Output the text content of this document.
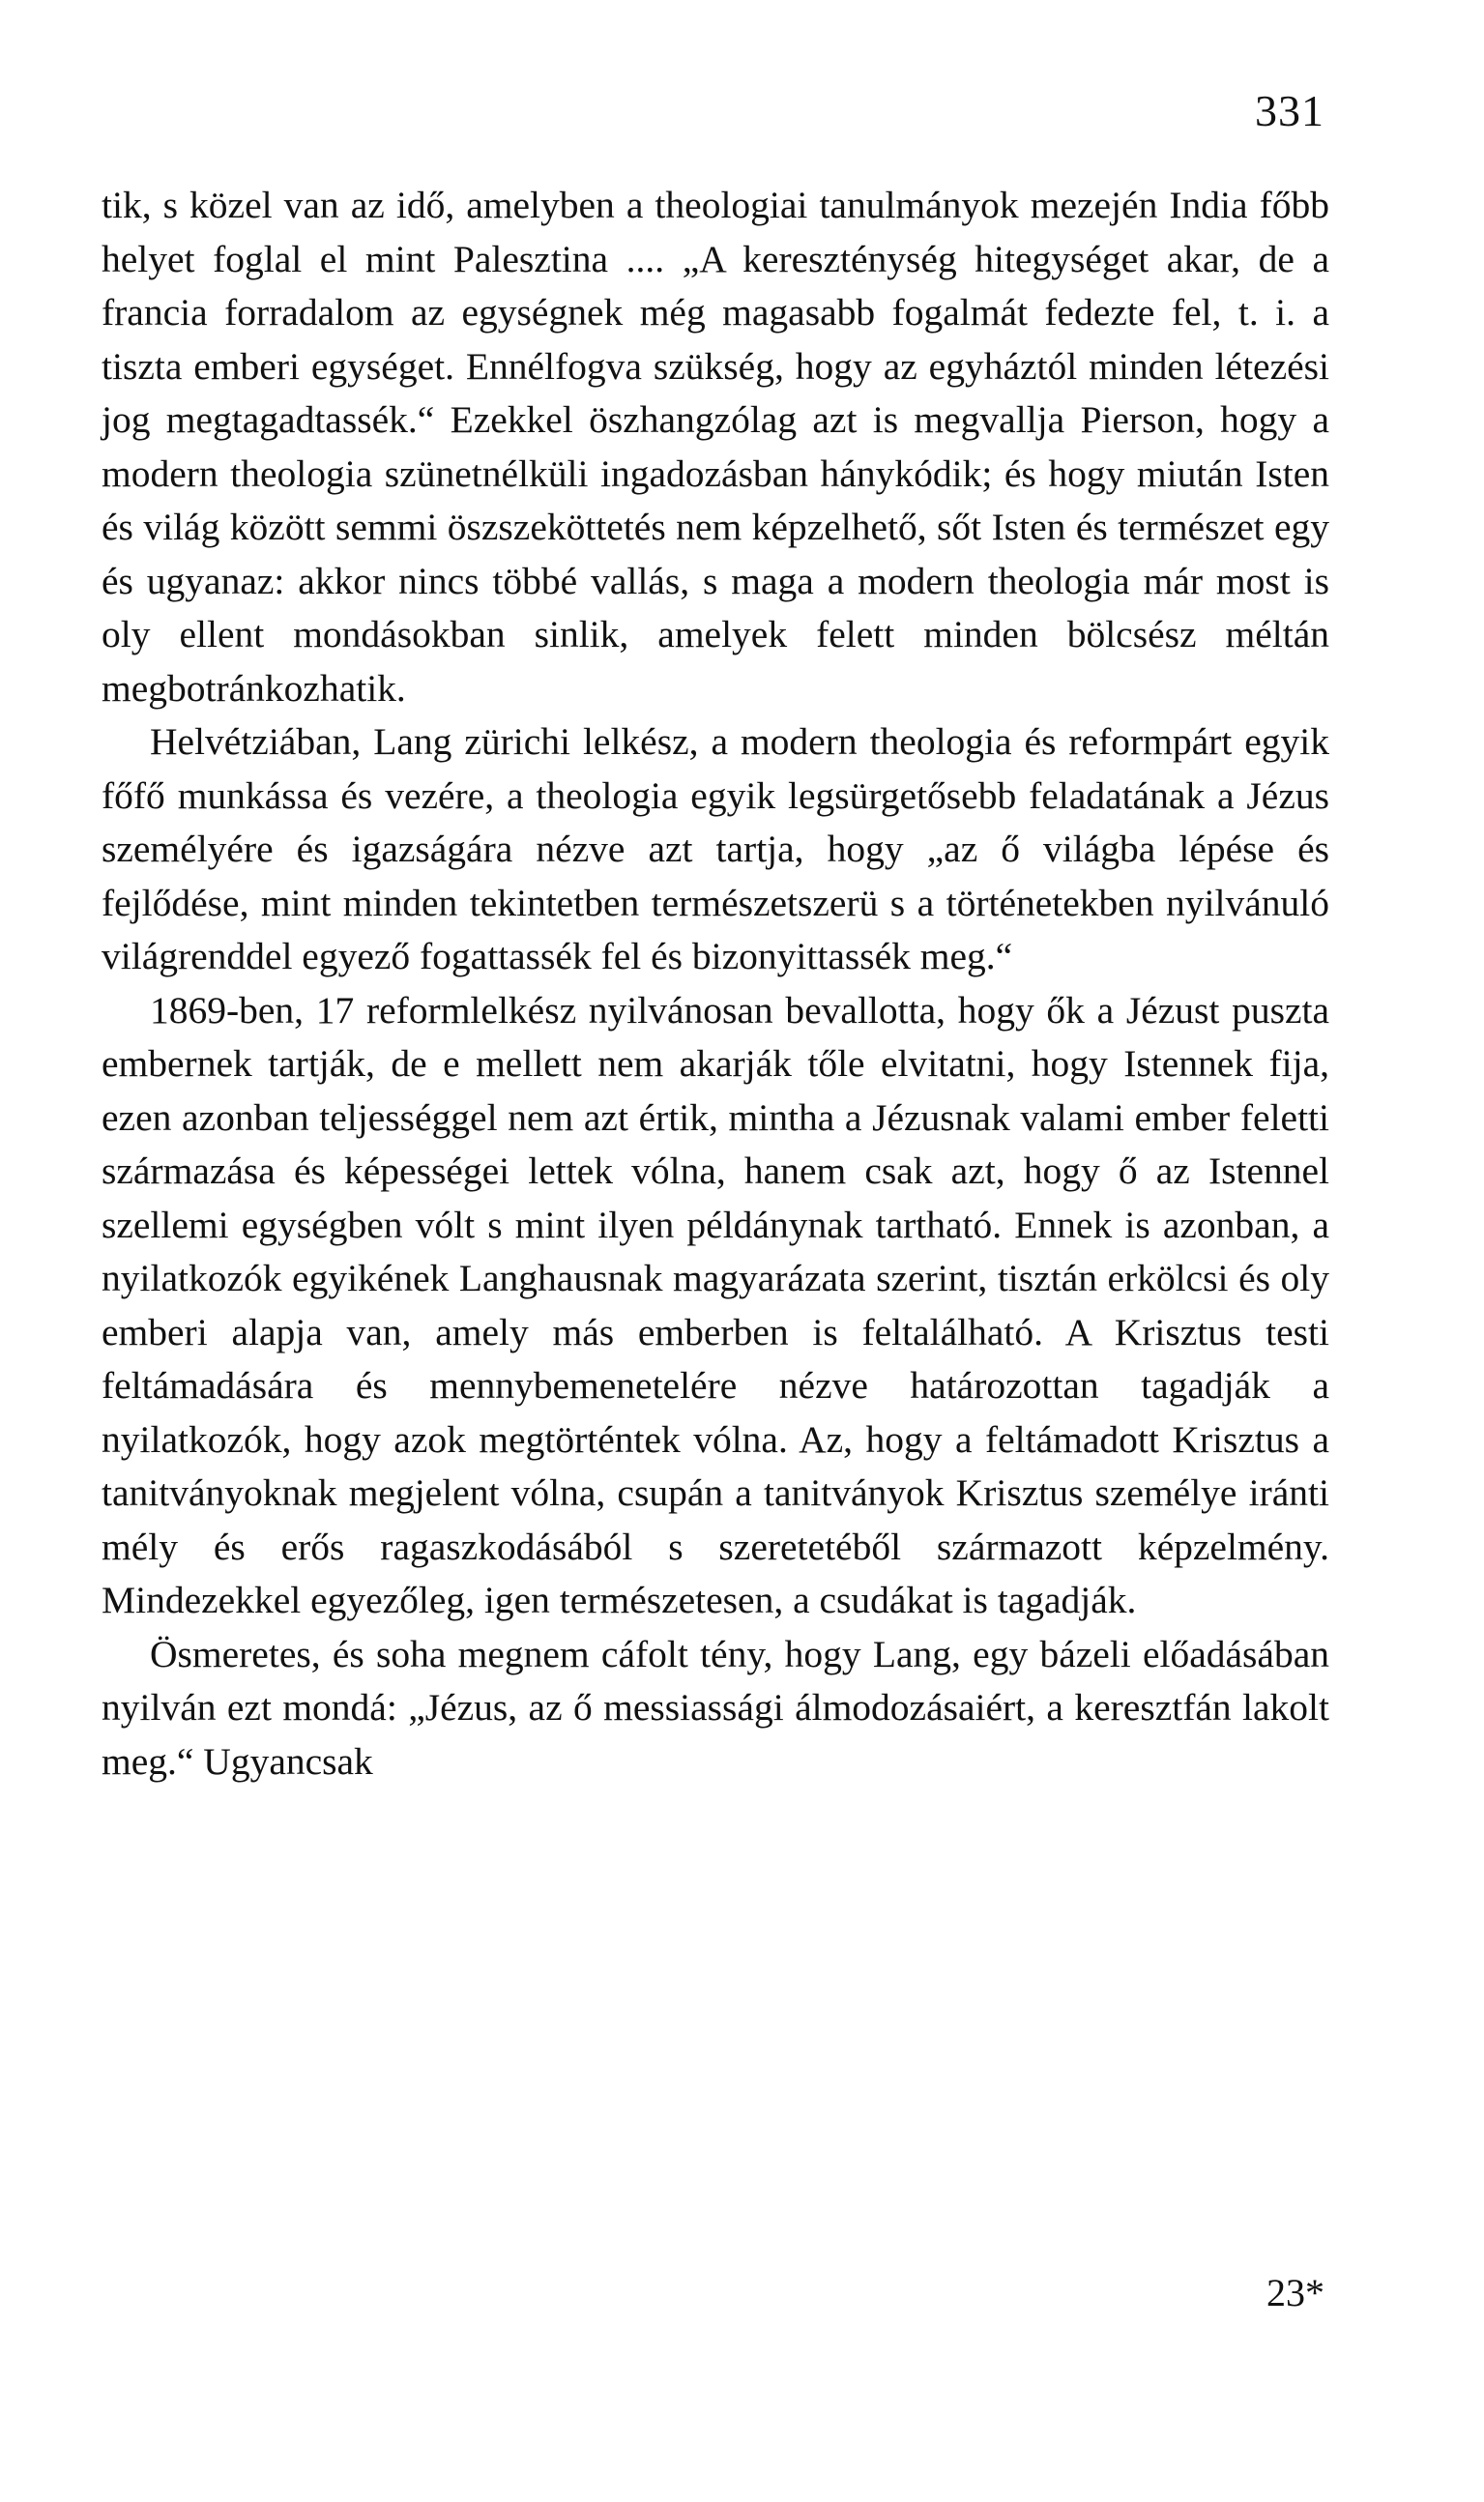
331

tik, s közel van az idő, amelyben a theologiai tanulmányok mezején India főbb helyet foglal el mint Palesztina .... „A kereszténység hitegységet akar, de a francia forradalom az egységnek még magasabb fogalmát fedezte fel, t. i. a tiszta emberi egységet. Ennélfogva szükség, hogy az egyháztól minden létezési jog megtagadtassék.“ Ezekkel öszhangzólag azt is megvallja Pierson, hogy a modern theologia szünetnélküli ingadozásban hánykódik; és hogy miután Isten és világ között semmi öszszeköttetés nem képzelhető, sőt Isten és természet egy és ugyanaz: akkor nincs többé vallás, s maga a modern theologia már most is oly ellent mondásokban sinlik, amelyek felett minden bölcsész méltán megbotránkozhatik.

Helvétziában, Lang zürichi lelkész, a modern theologia és reformpárt egyik főfő munkássa és vezére, a theologia egyik legsürgetősebb feladatának a Jézus személyére és igazságára nézve azt tartja, hogy „az ő világba lépése és fejlődése, mint minden tekintetben természetszerü s a történetekben nyilvánuló világrenddel egyező fogattassék fel és bizonyittassék meg.“

1869-ben, 17 reformlelkész nyilvánosan bevallotta, hogy ők a Jézust puszta embernek tartják, de e mellett nem akarják tőle elvitatni, hogy Istennek fija, ezen azonban teljességgel nem azt értik, mintha a Jézusnak valami ember feletti származása és képességei lettek vólna, hanem csak azt, hogy ő az Istennel szellemi egységben vólt s mint ilyen példánynak tartható. Ennek is azonban, a nyilatkozók egyikének Langhausnak magyarázata szerint, tisztán erkölcsi és oly emberi alapja van, amely más emberben is feltalálható. A Krisztus testi feltámadására és mennybemenetelére nézve határozottan tagadják a nyilatkozók, hogy azok megtörténtek vólna. Az, hogy a feltámadott Krisztus a tanitványoknak megjelent vólna, csupán a tanitványok Krisztus személye iránti mély és erős ragaszkodásából s szeretetéből származott képzelmény. Mindezekkel egyezőleg, igen természetesen, a csudákat is tagadják.

Ösmeretes, és soha megnem cáfolt tény, hogy Lang, egy bázeli előadásában nyilván ezt mondá: „Jézus, az ő messiassági álmodozásaiért, a keresztfán lakolt meg.“ Ugyancsak

23*
